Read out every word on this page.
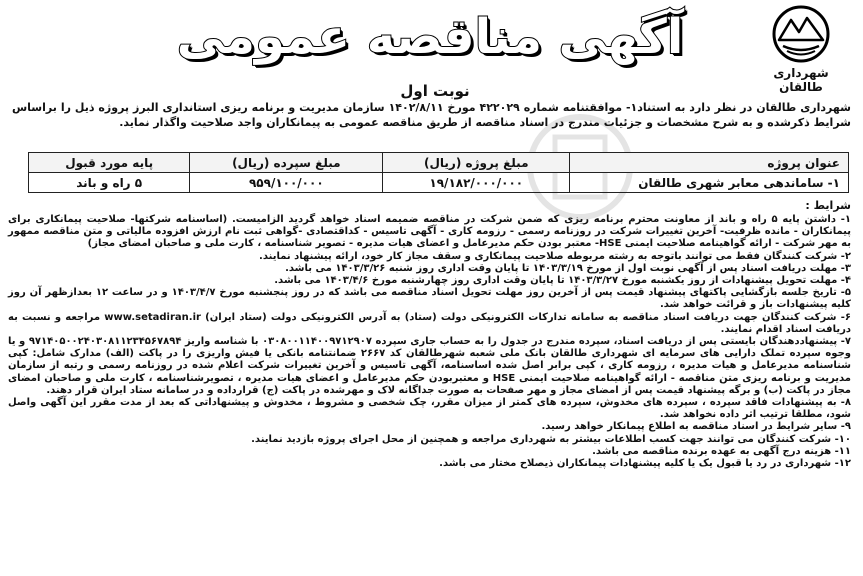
شهرداری طالقان
آگهی مناقصه عمومی
نوبت اول

شهرداری طالقان در نظر دارد به استناد۱- موافقتنامه شماره ۴۲۲۰۲۹ مورخ ۱۴۰۲/۸/۱۱ سازمان مدیریت و برنامه ریزی استانداری البرز پروژه ذیل را براساس شرایط ذکرشده و به شرح مشخصات و جزئیات مندرج در اسناد مناقصه از طریق مناقصه عمومی به پیمانکاران واجد صلاحیت واگذار نماید.

عنوان پروژه	مبلغ پروژه (ریال)	مبلغ سپرده (ریال)	پایه مورد قبول
۱- ساماندهی معابر شهری طالقان	۱۹/۱۸۲/۰۰۰/۰۰۰	۹۵۹/۱۰۰/۰۰۰	۵ راه و باند
شرایط :

۱- داشتن پایه ۵ راه و باند از معاونت محترم برنامه ریزی که ضمن شرکت در مناقصه ضمیمه اسناد خواهد گردید الزامیست. (اساسنامه شرکتها- صلاحیت پیمانکاری برای پیمانکاران - مانده ظرفیت- آخرین تغییرات شرکت در روزنامه رسمی - رزومه کاری - آگهی تاسیس - کداقتصادی -گواهی ثبت نام ارزش افزوده مالیاتی و متن مناقصه ممهور به مهر شرکت - ارائه گواهینامه صلاحیت ایمنی HSE- معتبر بودن حکم مدیرعامل و اعضای هیات مدیره - تصویر شناسنامه ، کارت ملی و صاحبان امضای مجاز)

۲- شرکت کنندگان فقط می توانند باتوجه به رشته مربوطه صلاحیت پیمانکاری و سقف مجاز کار خود، ارائه پیشنهاد نمایند.

۳- مهلت دریافت اسناد پس از آگهی نوبت اول از مورخ ۱۴۰۳/۳/۱۹ تا پایان وقت اداری روز شنبه ۱۴۰۳/۳/۲۶ می باشد.

۴- مهلت تحویل پیشنهادات از روز یکشنبه مورخ ۱۴۰۳/۳/۲۷ تا پایان وقت اداری روز چهارشنبه مورخ ۱۴۰۳/۴/۶ می باشد.

۵- تاریخ جلسه بازگشایی پاکتهای پیشنهاد قیمت پس از آخرین روز مهلت تحویل اسناد مناقصه می باشد که در روز پنجشنبه مورخ ۱۴۰۳/۴/۷ و در ساعت ۱۲ بعدازظهر آن روز کلیه پیشنهادات باز و قرائت خواهد شد.

۶- شرکت کنندگان جهت دریافت اسناد مناقصه به سامانه تدارکات الکترونیکی دولت (ستاد) به آدرس الکترونیکی دولت (ستاد ایران) www.setadiran.ir مراجعه و نسبت به دریافت اسناد اقدام نمایند.

۷- پیشنهاددهندگان بایستی پس از دریافت اسناد، سپرده مندرج در جدول را به حساب جاری سپرده ۰۳۰۸۰۰۱۱۴۰۰۹۷۱۲۹۰۷ با شناسه واریز ۹۷۱۴۰۵۰۰۲۴۰۳۰۸۱۱۲۳۴۵۶۷۸۹۴ و یا وجوه سپرده تملک دارایی های سرمایه ای شهرداری طالقان بانک ملی شعبه شهرطالقان کد ۲۶۶۷ ضمانتنامه بانکی یا فیش واریزی را در پاکت (الف) مدارک شامل: کپی شناسنامه مدیرعامل و هیات مدیره ، رزومه کاری ، کپی برابر اصل شده اساسنامه، آگهی تاسیس و آخرین تغییرات شرکت اعلام شده در روزنامه رسمی و رتبه از سازمان مدیریت و برنامه ریزی متن مناقصه - ارائه گواهینامه صلاحیت ایمنی HSE و معتبربودن حکم مدیرعامل و اعضای هیات مدیره ، تصویرشناسنامه ، کارت ملی و صاحبان امضای مجاز در پاکت (ب) و برگه پیشنهاد قیمت پس از امضای مجاز و مهر صفحات به صورت جداگانه لاک و مهرشده در پاکت (ج) قرارداده و در سامانه ستاد ایران قرار دهند.

۸- به پیشنهادات فاقد سپرده ، سپرده های مخدوش، سپرده های کمتر از میزان مقرر، چک شخصی و مشروط ، مخدوش و پیشنهاداتی که بعد از مدت مقرر این آگهی واصل شود، مطلقا ترتیب اثر داده نخواهد شد.

۹- سایر شرایط در اسناد مناقصه به اطلاع پیمانکار خواهد رسید.

۱۰- شرکت کنندگان می توانند جهت کسب اطلاعات بیشتر به شهرداری مراجعه و همچنین از محل اجرای پروژه بازدید نمایند.

۱۱- هزینه درج آگهی به عهده برنده مناقصه می باشد.

۱۲- شهرداری در رد یا قبول یک یا کلیه پیشنهادات پیمانکاران ذیصلاح مختار می باشد.
